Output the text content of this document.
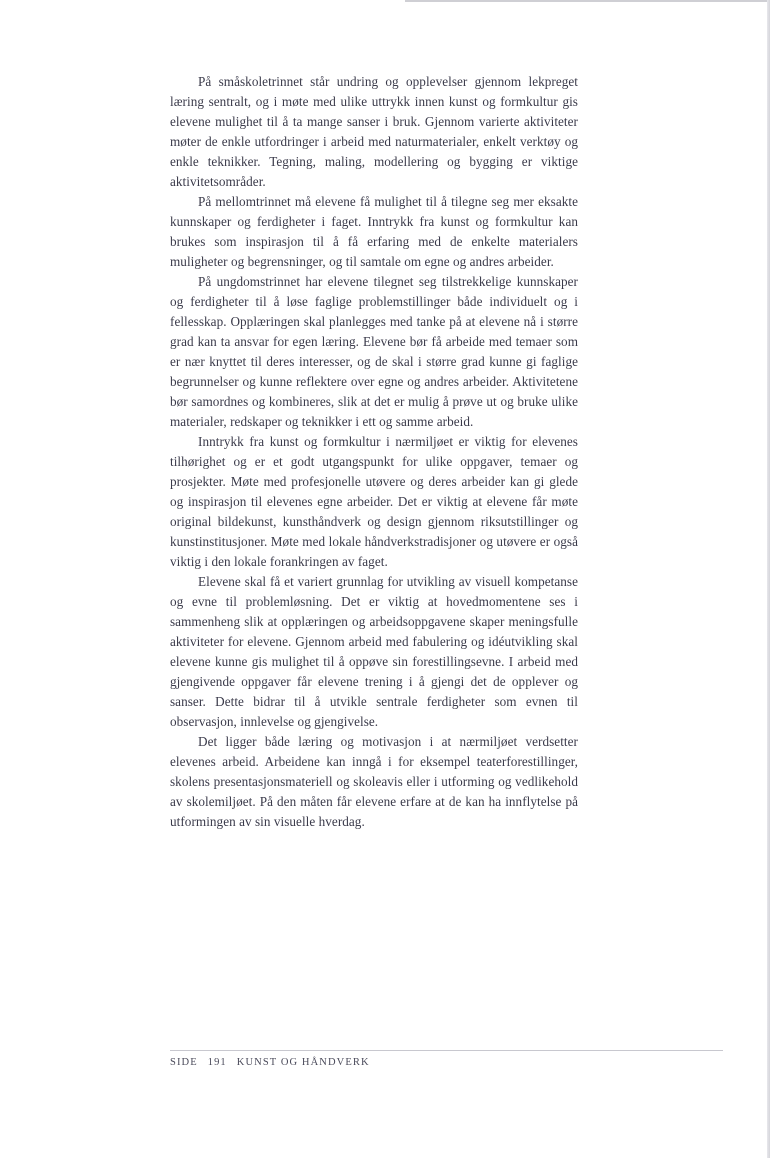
På småskoletrinnet står undring og opplevelser gjennom lekpreget læring sentralt, og i møte med ulike uttrykk innen kunst og formkultur gis elevene mulighet til å ta mange sanser i bruk. Gjennom varierte aktiviteter møter de enkle utfordringer i arbeid med naturmaterialer, enkelt verktøy og enkle teknikker. Tegning, maling, modellering og bygging er viktige aktivitetsområder.

På mellomtrinnet må elevene få mulighet til å tilegne seg mer eksakte kunnskaper og ferdigheter i faget. Inntrykk fra kunst og formkultur kan brukes som inspirasjon til å få erfaring med de enkelte materialers muligheter og begrensninger, og til samtale om egne og andres arbeider.

På ungdomstrinnet har elevene tilegnet seg tilstrekkelige kunnskaper og ferdigheter til å løse faglige problemstillinger både individuelt og i fellesskap. Opplæringen skal planlegges med tanke på at elevene nå i større grad kan ta ansvar for egen læring. Elevene bør få arbeide med temaer som er nær knyttet til deres interesser, og de skal i større grad kunne gi faglige begrunnelser og kunne reflektere over egne og andres arbeider. Aktivitetene bør samordnes og kombineres, slik at det er mulig å prøve ut og bruke ulike materialer, redskaper og teknikker i ett og samme arbeid.

Inntrykk fra kunst og formkultur i nærmiljøet er viktig for elevenes tilhørighet og er et godt utgangspunkt for ulike oppgaver, temaer og prosjekter. Møte med profesjonelle utøvere og deres arbeider kan gi glede og inspirasjon til elevenes egne arbeider. Det er viktig at elevene får møte original bildekunst, kunsthåndverk og design gjennom riksutstillinger og kunstinstitusjoner. Møte med lokale håndverkstradisjoner og utøvere er også viktig i den lokale forankringen av faget.

Elevene skal få et variert grunnlag for utvikling av visuell kompetanse og evne til problemløsning. Det er viktig at hovedmomentene ses i sammenheng slik at opplæringen og arbeidsoppgavene skaper meningsfulle aktiviteter for elevene. Gjennom arbeid med fabulering og idéutvikling skal elevene kunne gis mulighet til å oppøve sin forestillingsevne. I arbeid med gjengivende oppgaver får elevene trening i å gjengi det de opplever og sanser. Dette bidrar til å utvikle sentrale ferdigheter som evnen til observasjon, innlevelse og gjengivelse.

Det ligger både læring og motivasjon i at nærmiljøet verdsetter elevenes arbeid. Arbeidene kan inngå i for eksempel teaterforestillinger, skolens presentasjonsmateriell og skoleavis eller i utforming og vedlikehold av skolemiljøet. På den måten får elevene erfare at de kan ha innflytelse på utformingen av sin visuelle hverdag.

SIDE 191 KUNST OG HÅNDVERK
